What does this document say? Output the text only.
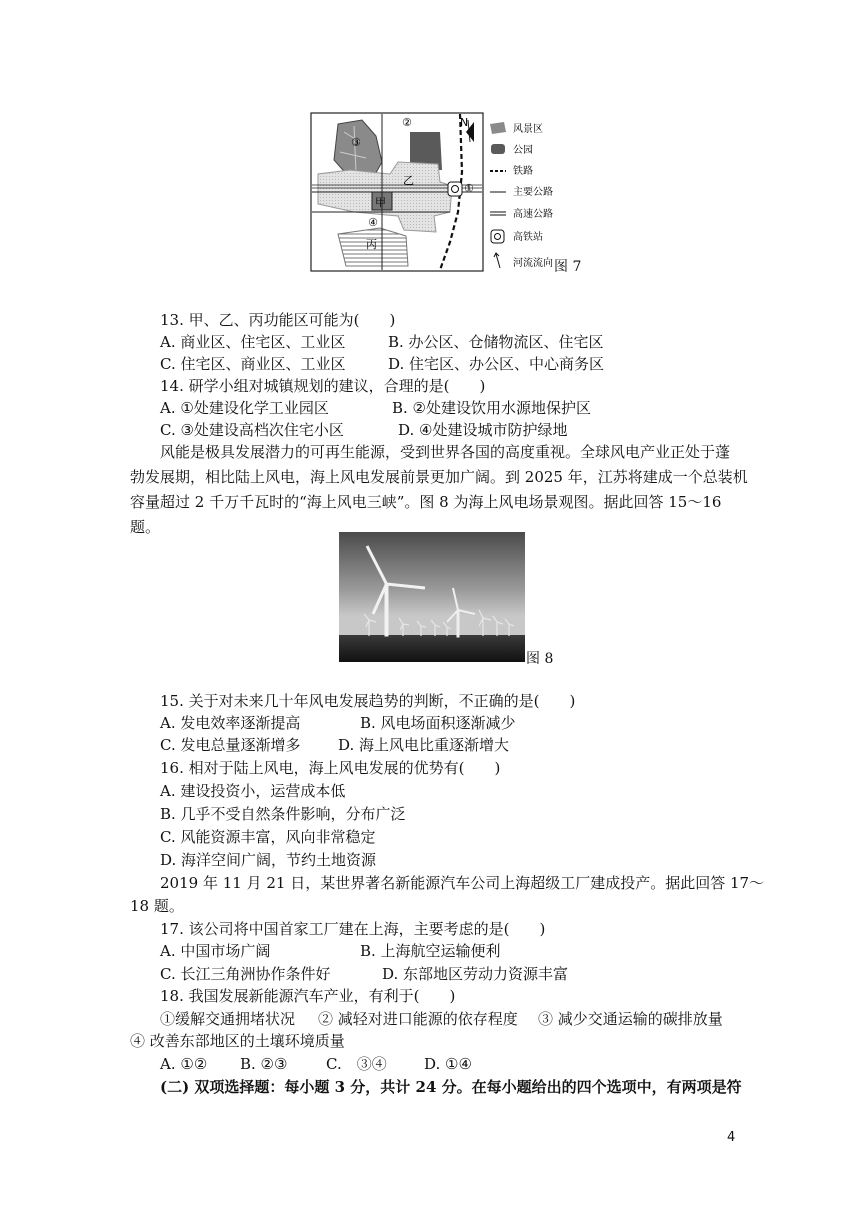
N
③
②
①
④
乙
甲
丙
风景区
公园
铁路
主要公路
高速公路
高铁站
河流流向 图 7
13. 甲、乙、丙功能区可能为(　　)
A. 商业区、住宅区、工业区	B. 办公区、仓储物流区、住宅区
C. 住宅区、商业区、工业区	D. 住宅区、办公区、中心商务区
14. 研学小组对城镇规划的建议，合理的是(　　)
A. ①处建设化学工业园区	B. ②处建设饮用水源地保护区
C. ③处建设高档次住宅小区	D. ④处建设城市防护绿地
风能是极具发展潜力的可再生能源，受到世界各国的高度重视。全球风电产业正处于蓬
勃发展期，相比陆上风电，海上风电发展前景更加广阔。到 2025 年，江苏将建成一个总装机
容量超过 2 千万千瓦时的“海上风电三峡”。图 8 为海上风电场景观图。据此回答 15～16
题。
图 8
15. 关于对未来几十年风电发展趋势的判断，不正确的是(　　)
A. 发电效率逐渐提高	B. 风电场面积逐渐减少
C. 发电总量逐渐增多	D. 海上风电比重逐渐增大
16. 相对于陆上风电，海上风电发展的优势有(　　)
A. 建设投资小，运营成本低
B. 几乎不受自然条件影响，分布广泛
C. 风能资源丰富，风向非常稳定
D. 海洋空间广阔，节约土地资源
2019 年 11 月 21 日，某世界著名新能源汽车公司上海超级工厂建成投产。据此回答 17～
18 题。
17. 该公司将中国首家工厂建在上海，主要考虑的是(　　)
A. 中国市场广阔	B. 上海航空运输便利
C. 长江三角洲协作条件好	D. 东部地区劳动力资源丰富
18. 我国发展新能源汽车产业，有利于(　　)
①缓解交通拥堵状况 ② 减轻对进口能源的依存程度 ③ 减少交通运输的碳排放量
④ 改善东部地区的土壤环境质量
A. ①② B. ②③	C.　③④ D. ①④
(二) 双项选择题：每小题 3 分，共计 24 分。在每小题给出的四个选项中，有两项是符
4
